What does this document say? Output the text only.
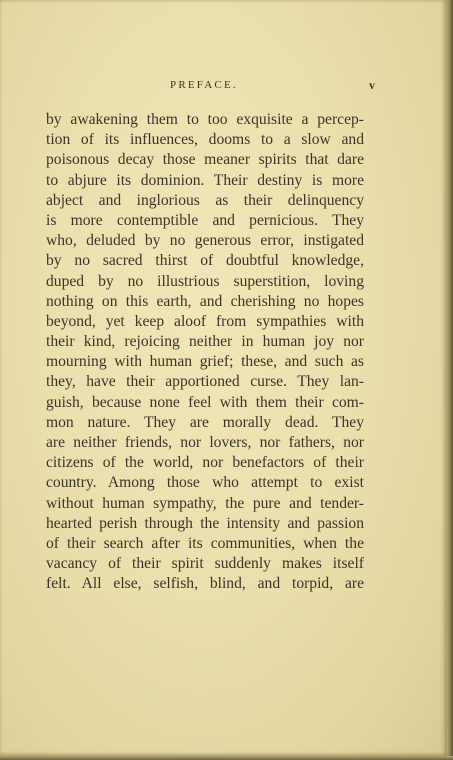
PREFACE.	v
by awakening them to too exquisite a percep-
tion of its influences, dooms to a slow and
poisonous decay those meaner spirits that dare
to abjure its dominion. Their destiny is more
abject and inglorious as their delinquency
is more contemptible and pernicious. They
who, deluded by no generous error, instigated
by no sacred thirst of doubtful knowledge,
duped by no illustrious superstition, loving
nothing on this earth, and cherishing no hopes
beyond, yet keep aloof from sympathies with
their kind, rejoicing neither in human joy nor
mourning with human grief; these, and such as
they, have their apportioned curse. They lan-
guish, because none feel with them their com-
mon nature. They are morally dead. They
are neither friends, nor lovers, nor fathers, nor
citizens of the world, nor benefactors of their
country. Among those who attempt to exist
without human sympathy, the pure and tender-
hearted perish through the intensity and passion
of their search after its communities, when the
vacancy of their spirit suddenly makes itself
felt. All else, selfish, blind, and torpid, are
